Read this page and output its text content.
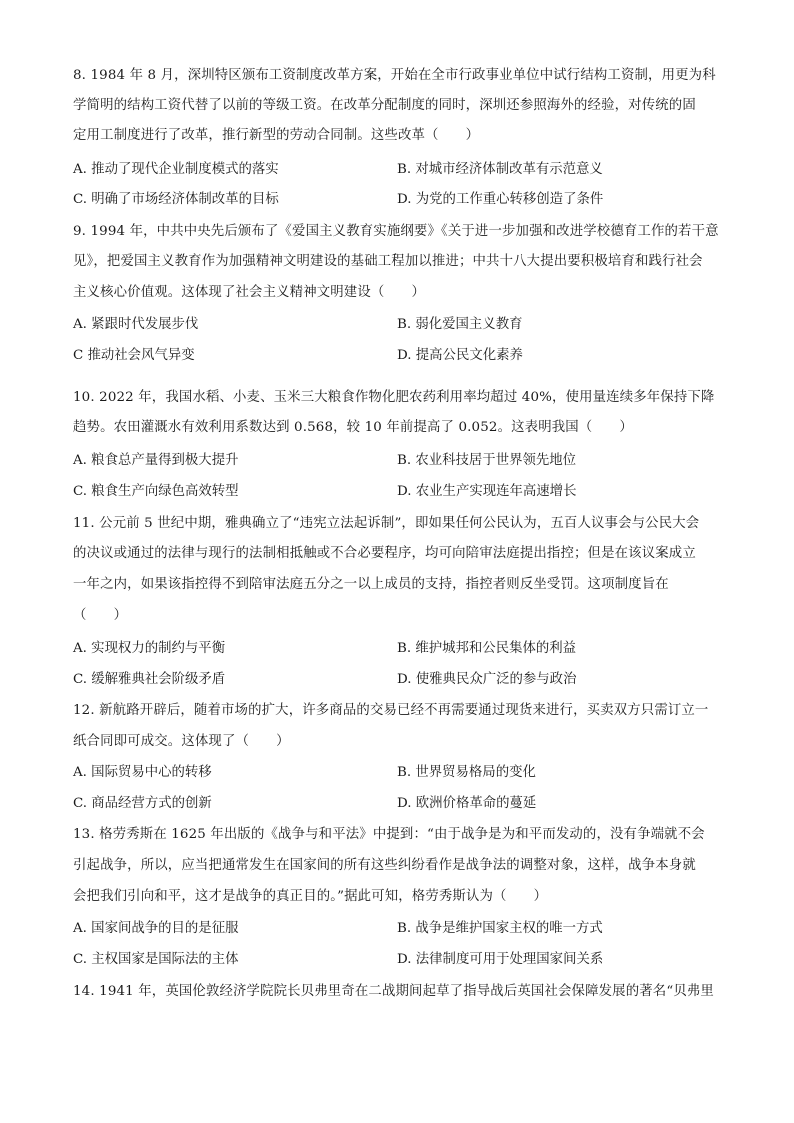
8. 1984 年 8 月，深圳特区颁布工资制度改革方案，开始在全市行政事业单位中试行结构工资制，用更为科
学简明的结构工资代替了以前的等级工资。在改革分配制度的同时，深圳还参照海外的经验，对传统的固
定用工制度进行了改革，推行新型的劳动合同制。这些改革（　　）
A. 推动了现代企业制度模式的落实	B. 对城市经济体制改革有示范意义
C. 明确了市场经济体制改革的目标	D. 为党的工作重心转移创造了条件
9. 1994 年，中共中央先后颁布了《爱国主义教育实施纲要》《关于进一步加强和改进学校德育工作的若干意
见》，把爱国主义教育作为加强精神文明建设的基础工程加以推进；中共十八大提出要积极培育和践行社会
主义核心价值观。这体现了社会主义精神文明建设（　　）
A. 紧跟时代发展步伐	B. 弱化爱国主义教育
C 推动社会风气异变	D. 提高公民文化素养
10. 2022 年，我国水稻、小麦、玉米三大粮食作物化肥农药利用率均超过 40%，使用量连续多年保持下降
趋势。农田灌溉水有效利用系数达到 0.568，较 10 年前提高了 0.052。这表明我国（　　）
A. 粮食总产量得到极大提升	B. 农业科技居于世界领先地位
C. 粮食生产向绿色高效转型	D. 农业生产实现连年高速增长
11. 公元前 5 世纪中期，雅典确立了“违宪立法起诉制”，即如果任何公民认为，五百人议事会与公民大会
的决议或通过的法律与现行的法制相抵触或不合必要程序，均可向陪审法庭提出指控；但是在该议案成立
一年之内，如果该指控得不到陪审法庭五分之一以上成员的支持，指控者则反坐受罚。这项制度旨在
（　　）
A. 实现权力的制约与平衡	B. 维护城邦和公民集体的利益
C. 缓解雅典社会阶级矛盾	D. 使雅典民众广泛的参与政治
12. 新航路开辟后，随着市场的扩大，许多商品的交易已经不再需要通过现货来进行，买卖双方只需订立一
纸合同即可成交。这体现了（　　）
A. 国际贸易中心的转移	B. 世界贸易格局的变化
C. 商品经营方式的创新	D. 欧洲价格革命的蔓延
13. 格劳秀斯在 1625 年出版的《战争与和平法》中提到：“由于战争是为和平而发动的，没有争端就不会
引起战争，所以，应当把通常发生在国家间的所有这些纠纷看作是战争法的调整对象，这样，战争本身就
会把我们引向和平，这才是战争的真正目的。”据此可知，格劳秀斯认为（　　）
A. 国家间战争的目的是征服	B. 战争是维护国家主权的唯一方式
C. 主权国家是国际法的主体	D. 法律制度可用于处理国家间关系
14. 1941 年，英国伦敦经济学院院长贝弗里奇在二战期间起草了指导战后英国社会保障发展的著名“贝弗里
